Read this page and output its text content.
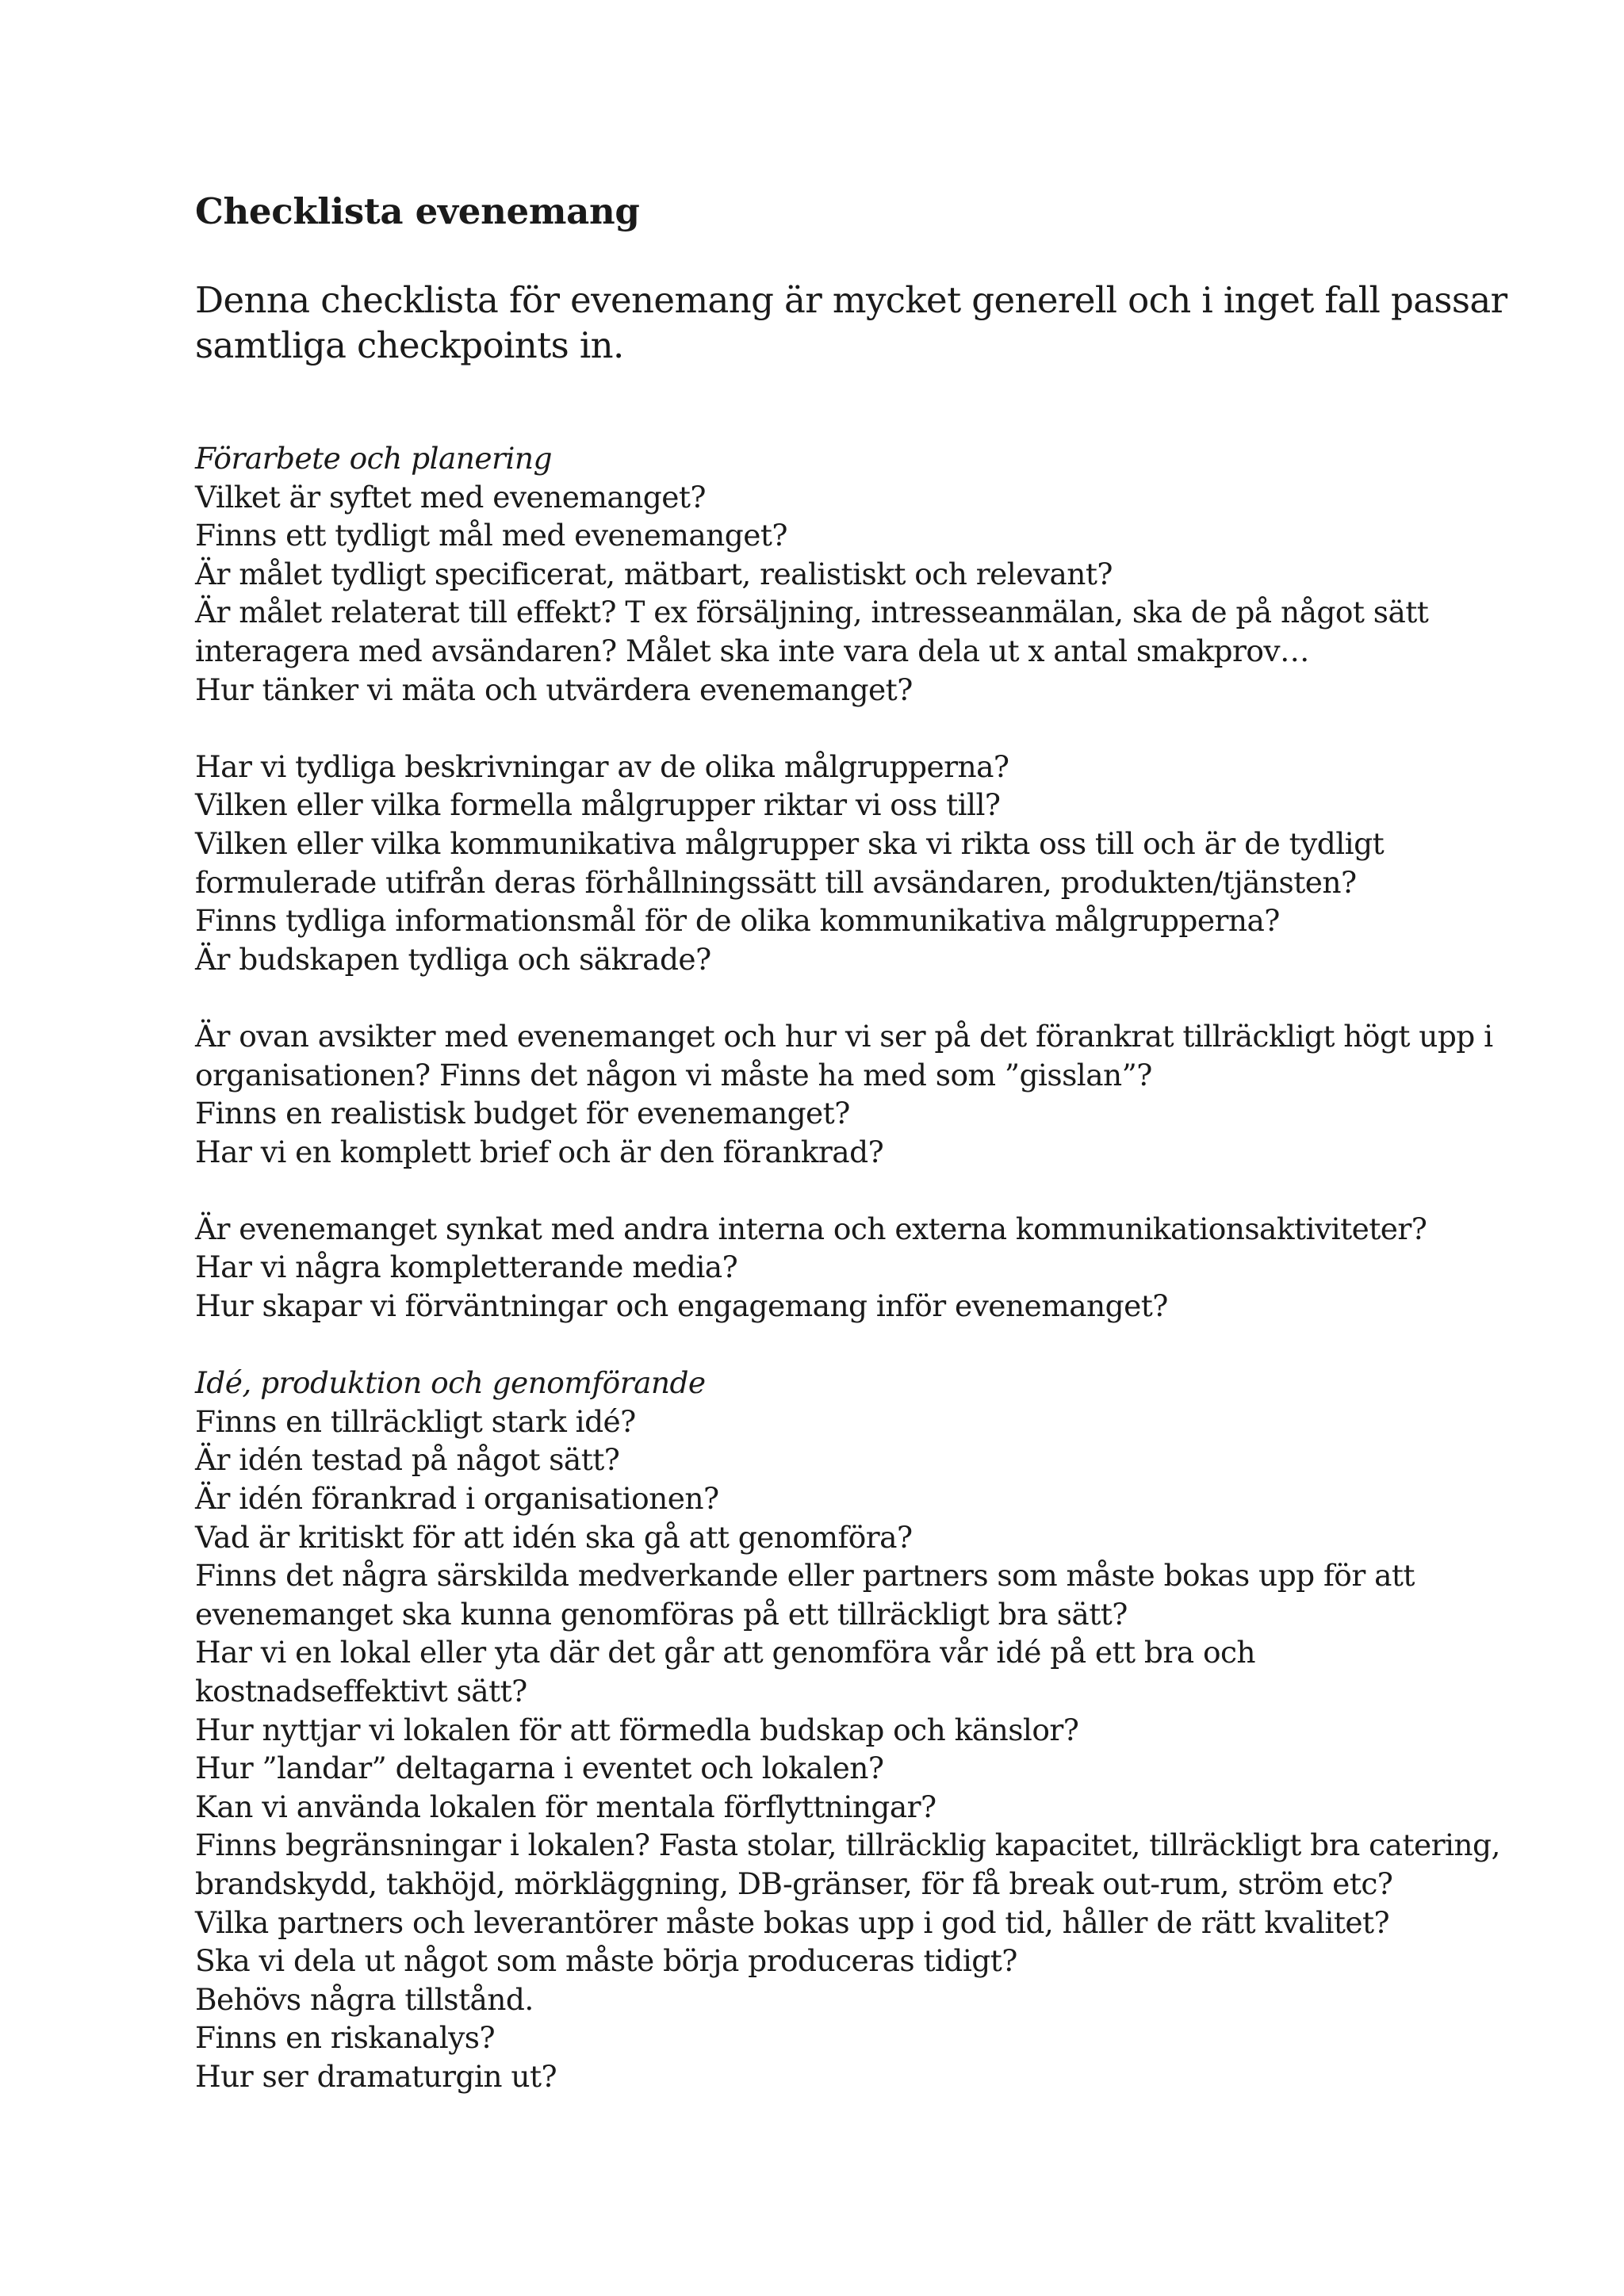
Checklista evenemang
Denna checklista för evenemang är mycket generell och i inget fall passar
samtliga checkpoints in.
Förarbete och planering
Vilket är syftet med evenemanget?
Finns ett tydligt mål med evenemanget?
Är målet tydligt specificerat, mätbart, realistiskt och relevant?
Är målet relaterat till effekt? T ex försäljning, intresseanmälan, ska de på något sätt
interagera med avsändaren? Målet ska inte vara dela ut x antal smakprov…
Hur tänker vi mäta och utvärdera evenemanget?
Har vi tydliga beskrivningar av de olika målgrupperna?
Vilken eller vilka formella målgrupper riktar vi oss till?
Vilken eller vilka kommunikativa målgrupper ska vi rikta oss till och är de tydligt
formulerade utifrån deras förhållningssätt till avsändaren, produkten/tjänsten?
Finns tydliga informationsmål för de olika kommunikativa målgrupperna?
Är budskapen tydliga och säkrade?
Är ovan avsikter med evenemanget och hur vi ser på det förankrat tillräckligt högt upp i
organisationen? Finns det någon vi måste ha med som ”gisslan”?
Finns en realistisk budget för evenemanget?
Har vi en komplett brief och är den förankrad?
Är evenemanget synkat med andra interna och externa kommunikationsaktiviteter?
Har vi några kompletterande media?
Hur skapar vi förväntningar och engagemang inför evenemanget?
Idé, produktion och genomförande
Finns en tillräckligt stark idé?
Är idén testad på något sätt?
Är idén förankrad i organisationen?
Vad är kritiskt för att idén ska gå att genomföra?
Finns det några särskilda medverkande eller partners som måste bokas upp för att
evenemanget ska kunna genomföras på ett tillräckligt bra sätt?
Har vi en lokal eller yta där det går att genomföra vår idé på ett bra och
kostnadseffektivt sätt?
Hur nyttjar vi lokalen för att förmedla budskap och känslor?
Hur ”landar” deltagarna i eventet och lokalen?
Kan vi använda lokalen för mentala förflyttningar?
Finns begränsningar i lokalen? Fasta stolar, tillräcklig kapacitet, tillräckligt bra catering,
brandskydd, takhöjd, mörkläggning, DB-gränser, för få break out-rum, ström etc?
Vilka partners och leverantörer måste bokas upp i god tid, håller de rätt kvalitet?
Ska vi dela ut något som måste börja produceras tidigt?
Behövs några tillstånd.
Finns en riskanalys?
Hur ser dramaturgin ut?
